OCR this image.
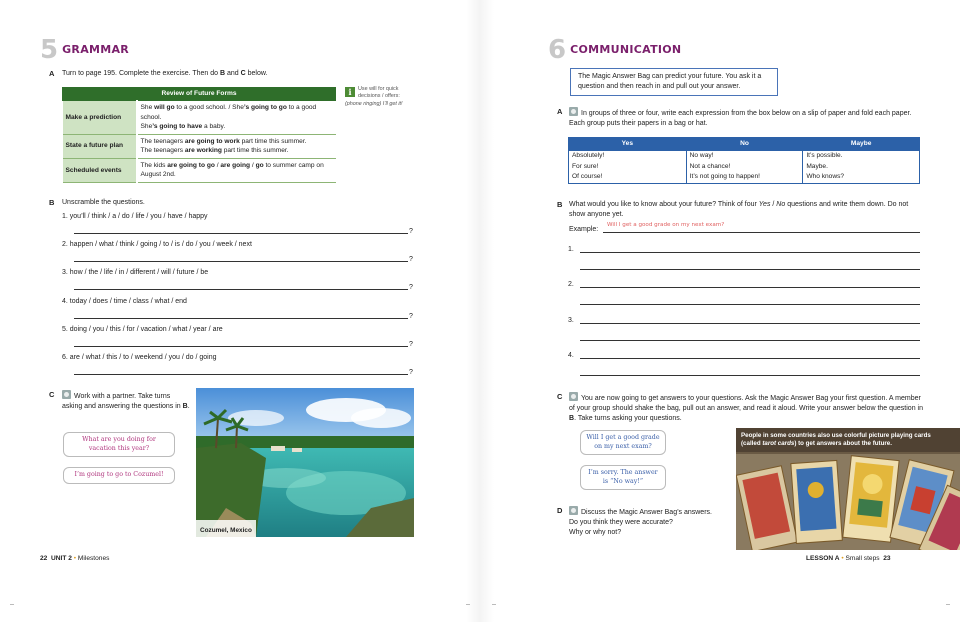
5 GRAMMAR
A Turn to page 195. Complete the exercise. Then do B and C below.
Review of Future Forms	
Make a prediction	She will go to a good school. / She’s going to go to a good school.
She’s going to have a baby.
State a future plan	The teenagers are going to work part time this summer.
The teenagers are working part time this summer.
Scheduled events	The kids are going to go / are going / go to summer camp on August 2nd.
i	Use will for quick decisions / offers:
(phone ringing) I’ll get it!
B Unscramble the questions.
1. you’ll / think / a / do / life / you / have / happy
?
2. happen / what / think / going / to / is / do / you / week / next
?
3. how / the / life / in / different / will / future / be
?
4. today / does / time / class / what / end
?
5. doing / you / this / for / vacation / what / year / are
?
6. are / what / this / to / weekend / you / do / going
?
C	Work with a partner. Take turns asking and answering the questions in B.
What are you doing for vacation this year?
I’m going to go to Cozumel!
Cozumel, Mexico
22 UNIT 2 • Milestones
6 COMMUNICATION
The Magic Answer Bag can predict your future. You ask it a question and then reach in and pull out your answer.
A	In groups of three or four, write each expression from the box below on a slip of paper and fold each paper. Each group puts their papers in a bag or hat.
Yes	No	Maybe
Absolutely!	No way!	It’s possible.
For sure!	Not a chance!	Maybe.
Of course!	It’s not going to happen!	Who knows?
B What would you like to know about your future? Think of four Yes / No questions and write them down. Do not show anyone yet.
Example:
Will I get a good grade on my next exam?
1.
2.
3.
4.
C	You are now going to get answers to your questions. Ask the Magic Answer Bag your first question. A member of your group should shake the bag, pull out an answer, and read it aloud. Write your answer below the question in B. Take turns asking your questions.
Will I get a good grade on my next exam?
I’m sorry. The answer is “No way!”
People in some countries also use colorful picture playing cards (called tarot cards) to get answers about the future.
D	Discuss the Magic Answer Bag’s answers.
Do you think they were accurate?
Why or why not?
LESSON A • Small steps 23
